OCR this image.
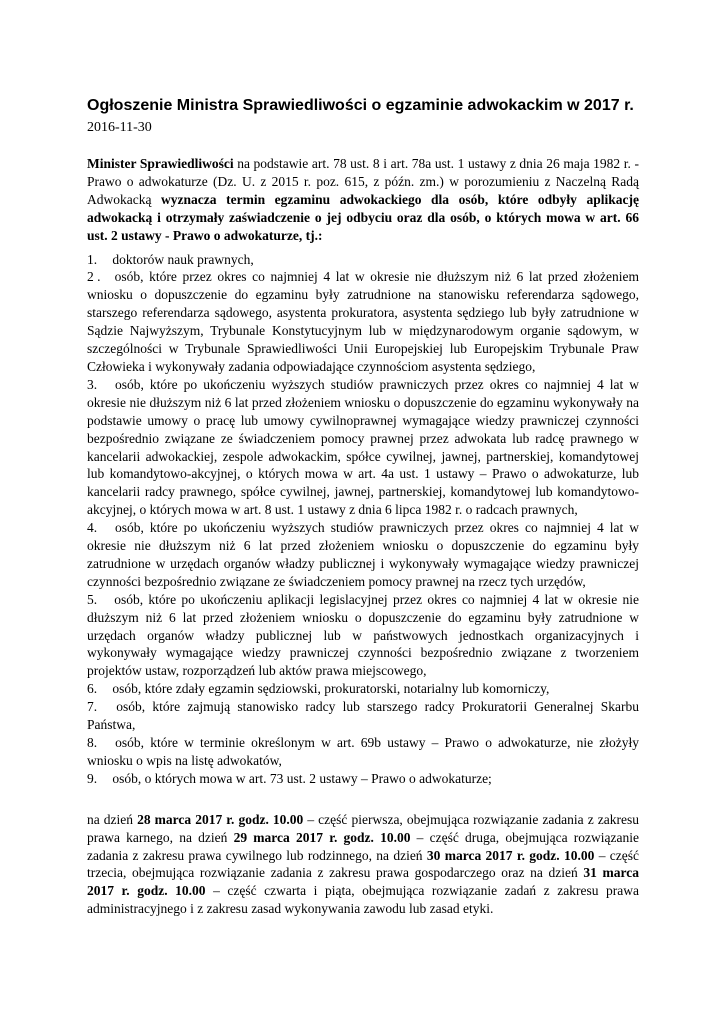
Ogłoszenie Ministra Sprawiedliwości o egzaminie adwokackim w 2017 r.
2016-11-30

Minister Sprawiedliwości na podstawie art. 78 ust. 8 i art. 78a ust. 1 ustawy z dnia 26 maja 1982 r. - Prawo o adwokaturze (Dz. U. z 2015 r. poz. 615, z późn. zm.) w porozumieniu z Naczelną Radą Adwokacką wyznacza termin egzaminu adwokackiego dla osób, które odbyły aplikację adwokacką i otrzymały zaświadczenie o jej odbyciu oraz dla osób, o których mowa w art. 66 ust. 2 ustawy - Prawo o adwokaturze, tj.:

1. doktorów nauk prawnych,
2 . osób, które przez okres co najmniej 4 lat w okresie nie dłuższym niż 6 lat przed złożeniem wniosku o dopuszczenie do egzaminu były zatrudnione na stanowisku referendarza sądowego, starszego referendarza sądowego, asystenta prokuratora, asystenta sędziego lub były zatrudnione w Sądzie Najwyższym, Trybunale Konstytucyjnym lub w międzynarodowym organie sądowym, w szczególności w Trybunale Sprawiedliwości Unii Europejskiej lub Europejskim Trybunale Praw Człowieka i wykonywały zadania odpowiadające czynnościom asystenta sędziego,
3. osób, które po ukończeniu wyższych studiów prawniczych przez okres co najmniej 4 lat w okresie nie dłuższym niż 6 lat przed złożeniem wniosku o dopuszczenie do egzaminu wykonywały na podstawie umowy o pracę lub umowy cywilnoprawnej wymagające wiedzy prawniczej czynności bezpośrednio związane ze świadczeniem pomocy prawnej przez adwokata lub radcę prawnego w kancelarii adwokackiej, zespole adwokackim, spółce cywilnej, jawnej, partnerskiej, komandytowej lub komandytowo-akcyjnej, o których mowa w art. 4a ust. 1 ustawy – Prawo o adwokaturze, lub kancelarii radcy prawnego, spółce cywilnej, jawnej, partnerskiej, komandytowej lub komandytowo-akcyjnej, o których mowa w art. 8 ust. 1 ustawy z dnia 6 lipca 1982 r. o radcach prawnych,
4. osób, które po ukończeniu wyższych studiów prawniczych przez okres co najmniej 4 lat w okresie nie dłuższym niż 6 lat przed złożeniem wniosku o dopuszczenie do egzaminu były zatrudnione w urzędach organów władzy publicznej i wykonywały wymagające wiedzy prawniczej czynności bezpośrednio związane ze świadczeniem pomocy prawnej na rzecz tych urzędów,
5. osób, które po ukończeniu aplikacji legislacyjnej przez okres co najmniej 4 lat w okresie nie dłuższym niż 6 lat przed złożeniem wniosku o dopuszczenie do egzaminu były zatrudnione w urzędach organów władzy publicznej lub w państwowych jednostkach organizacyjnych i wykonywały wymagające wiedzy prawniczej czynności bezpośrednio związane z tworzeniem projektów ustaw, rozporządzeń lub aktów prawa miejscowego,
6. osób, które zdały egzamin sędziowski, prokuratorski, notarialny lub komorniczy,
7. osób, które zajmują stanowisko radcy lub starszego radcy Prokuratorii Generalnej Skarbu Państwa,
8. osób, które w terminie określonym w art. 69b ustawy – Prawo o adwokaturze, nie złożyły wniosku o wpis na listę adwokatów,
9. osób, o których mowa w art. 73 ust. 2 ustawy – Prawo o adwokaturze;

na dzień 28 marca 2017 r. godz. 10.00 – część pierwsza, obejmująca rozwiązanie zadania z zakresu prawa karnego, na dzień 29 marca 2017 r. godz. 10.00 – część druga, obejmująca rozwiązanie zadania z zakresu prawa cywilnego lub rodzinnego, na dzień 30 marca 2017 r. godz. 10.00 – część trzecia, obejmująca rozwiązanie zadania z zakresu prawa gospodarczego oraz na dzień 31 marca 2017 r. godz. 10.00 – część czwarta i piąta, obejmująca rozwiązanie zadań z zakresu prawa administracyjnego i z zakresu zasad wykonywania zawodu lub zasad etyki.
